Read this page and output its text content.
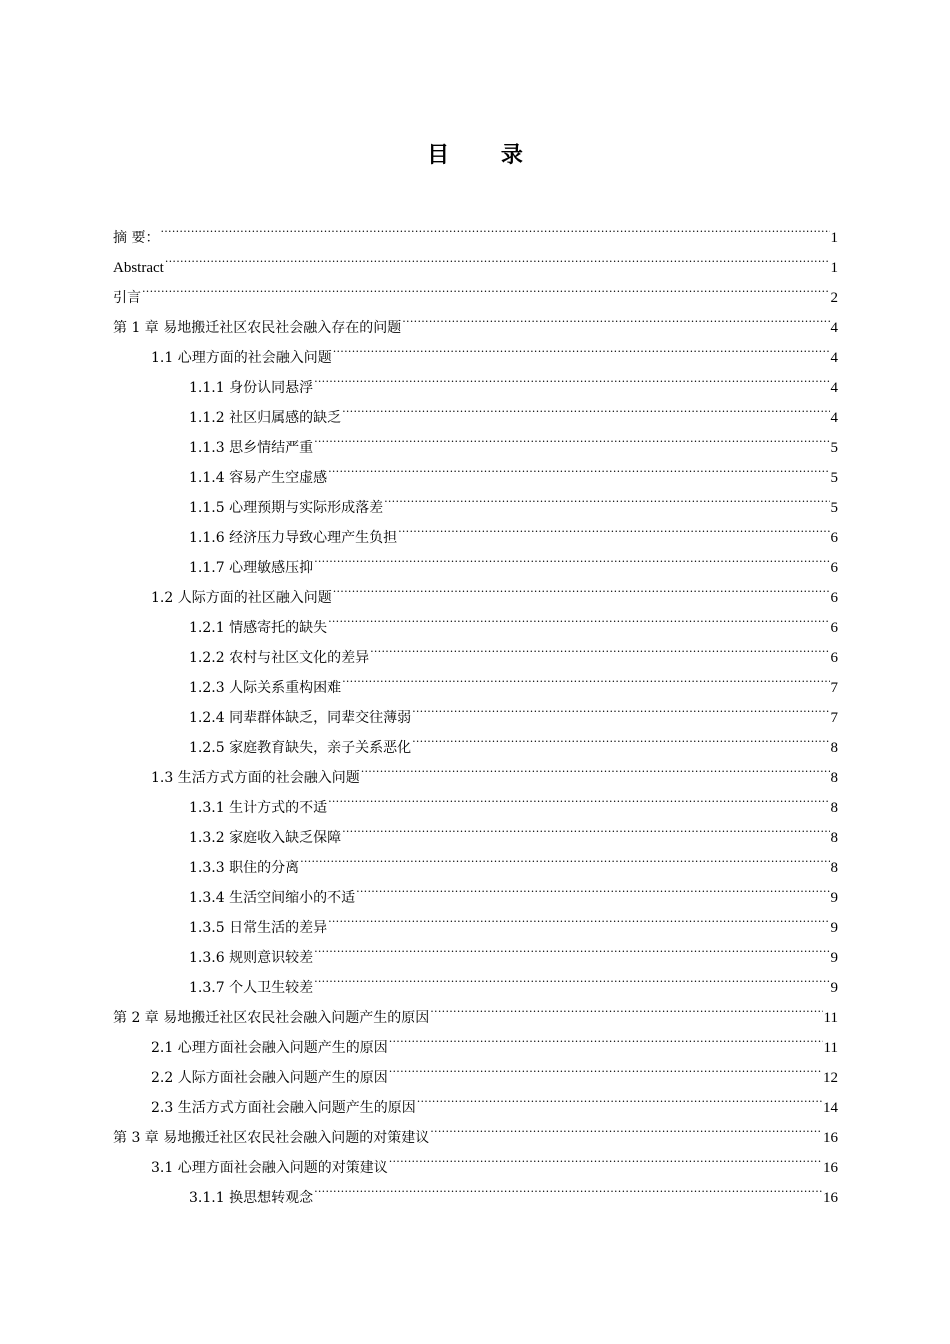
目 录
摘 要： .....	1
Abstract .....	1
引言 .....	2
第 1 章 易地搬迁社区农民社会融入存在的问题 .....	4
1.1 心理方面的社会融入问题 .....	4
1.1.1 身份认同悬浮 .....	4
1.1.2 社区归属感的缺乏 .....	4
1.1.3 思乡情结严重 .....	5
1.1.4 容易产生空虚感 .....	5
1.1.5 心理预期与实际形成落差 .....	5
1.1.6 经济压力导致心理产生负担 .....	6
1.1.7 心理敏感压抑 .....	6
1.2 人际方面的社区融入问题 .....	6
1.2.1 情感寄托的缺失 .....	6
1.2.2 农村与社区文化的差异 .....	6
1.2.3 人际关系重构困难 .....	7
1.2.4 同辈群体缺乏，同辈交往薄弱 .....	7
1.2.5 家庭教育缺失，亲子关系恶化 .....	8
1.3 生活方式方面的社会融入问题 .....	8
1.3.1 生计方式的不适 .....	8
1.3.2 家庭收入缺乏保障 .....	8
1.3.3 职住的分离 .....	8
1.3.4 生活空间缩小的不适 .....	9
1.3.5 日常生活的差异 .....	9
1.3.6 规则意识较差 .....	9
1.3.7 个人卫生较差 .....	9
第 2 章 易地搬迁社区农民社会融入问题产生的原因 .....	11
2.1 心理方面社会融入问题产生的原因 .....	11
2.2 人际方面社会融入问题产生的原因 .....	12
2.3 生活方式方面社会融入问题产生的原因 .....	14
第 3 章 易地搬迁社区农民社会融入问题的对策建议 .....	16
3.1 心理方面社会融入问题的对策建议 .....	16
3.1.1 换思想转观念 .....	16
